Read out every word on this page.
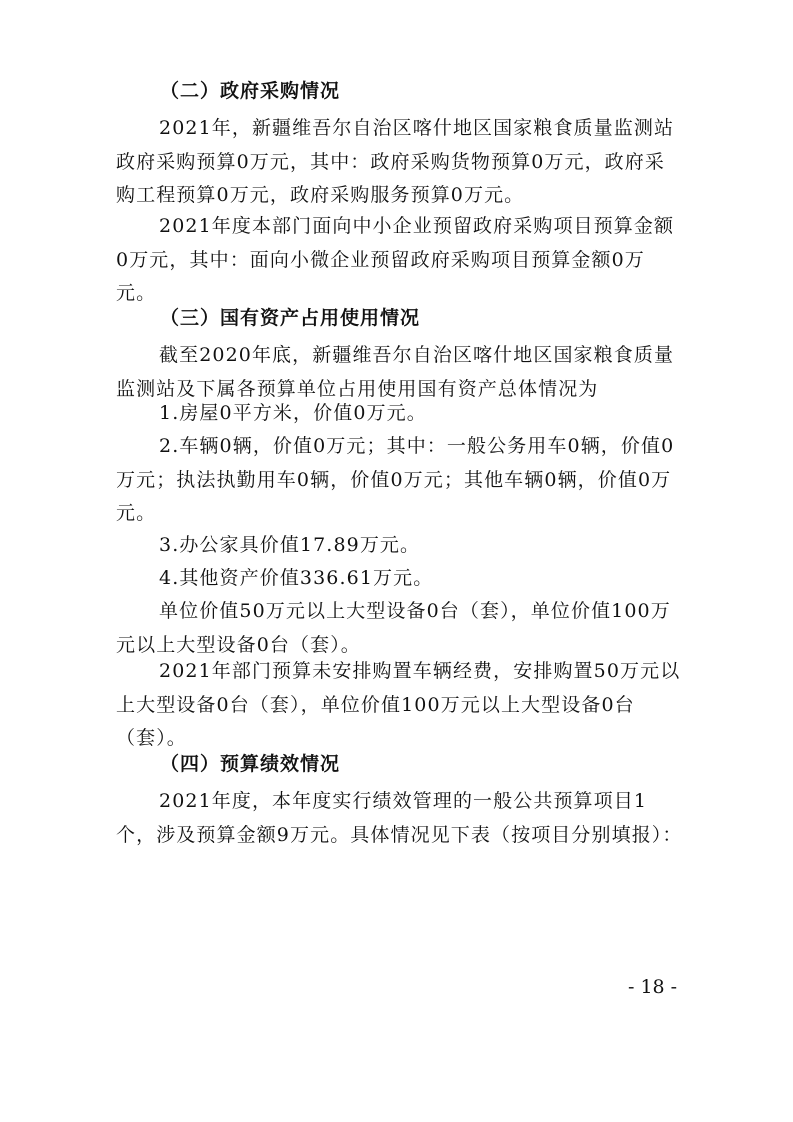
（二）政府采购情况
2021年，新疆维吾尔自治区喀什地区国家粮食质量监测站政府采购预算0万元，其中：政府采购货物预算0万元，政府采购工程预算0万元，政府采购服务预算0万元。
2021年度本部门面向中小企业预留政府采购项目预算金额0万元，其中：面向小微企业预留政府采购项目预算金额0万元。
（三）国有资产占用使用情况
截至2020年底，新疆维吾尔自治区喀什地区国家粮食质量监测站及下属各预算单位占用使用国有资产总体情况为
1.房屋0平方米，价值0万元。
2.车辆0辆，价值0万元；其中：一般公务用车0辆，价值0万元；执法执勤用车0辆，价值0万元；其他车辆0辆，价值0万元。
3.办公家具价值17.89万元。
4.其他资产价值336.61万元。
单位价值50万元以上大型设备0台（套），单位价值100万元以上大型设备0台（套）。
2021年部门预算未安排购置车辆经费，安排购置50万元以上大型设备0台（套），单位价值100万元以上大型设备0台（套）。
（四）预算绩效情况
2021年度，本年度实行绩效管理的一般公共预算项目1个，涉及预算金额9万元。具体情况见下表（按项目分别填报）：
- 18 -
